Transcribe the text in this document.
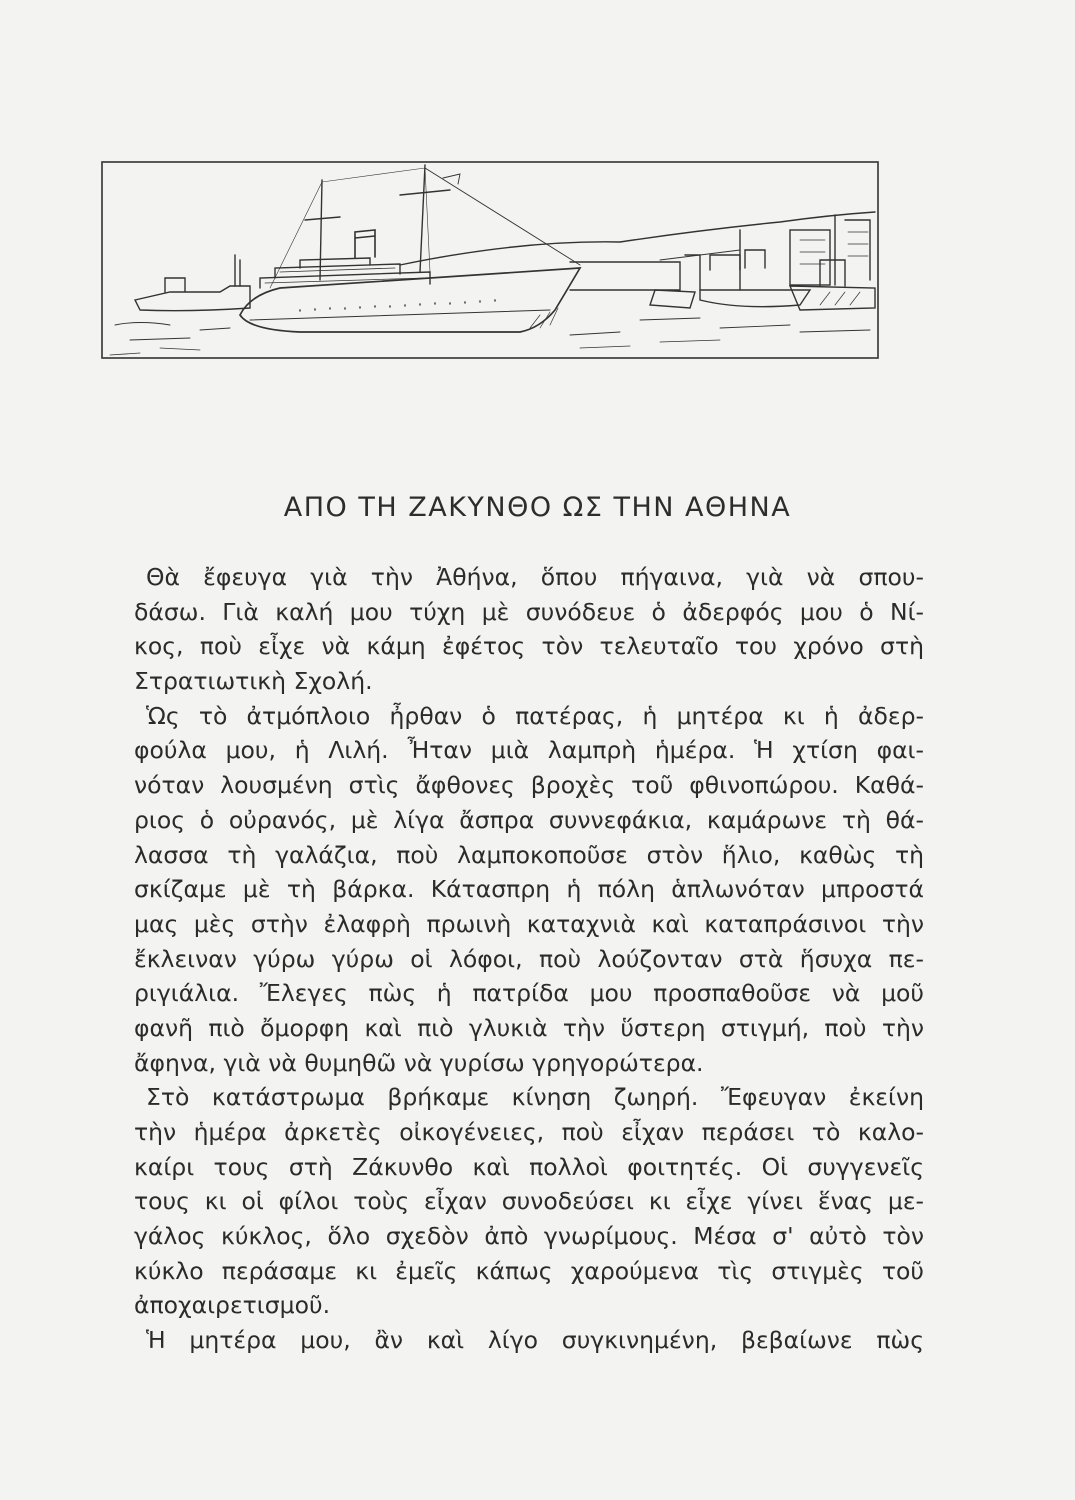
ΑΠΟ ΤΗ ΖΑΚΥΝΘΟ ΩΣ ΤΗΝ ΑΘΗΝΑ
Θὰ ἔφευγα γιὰ τὴν Ἀθήνα, ὅπου πήγαινα, γιὰ νὰ σπου-
δάσω. Γιὰ καλή μου τύχη μὲ συνόδευε ὁ ἀδερφός μου ὁ Νί-
κος, ποὺ εἶχε νὰ κάμη ἐφέτος τὸν τελευταῖο του χρόνο στὴ
Στρατιωτικὴ Σχολή.
Ὡς τὸ ἀτμόπλοιο ἦρθαν ὁ πατέρας, ἡ μητέρα κι ἡ ἀδερ-
φούλα μου, ἡ Λιλή. Ἦταν μιὰ λαμπρὴ ἡμέρα. Ἡ χτίση φαι-
νόταν λουσμένη στὶς ἄφθονες βροχὲς τοῦ φθινοπώρου. Καθά-
ριος ὁ οὐρανός, μὲ λίγα ἄσπρα συννεφάκια, καμάρωνε τὴ θά-
λασσα τὴ γαλάζια, ποὺ λαμποκοποῦσε στὸν ἥλιο, καθὼς τὴ
σκίζαμε μὲ τὴ βάρκα. Κάτασπρη ἡ πόλη ἁπλωνόταν μπροστά
μας μὲς στὴν ἐλαφρὴ πρωινὴ καταχνιὰ καὶ καταπράσινοι τὴν
ἔκλειναν γύρω γύρω οἱ λόφοι, ποὺ λούζονταν στὰ ἥσυχα πε-
ριγιάλια. Ἔλεγες πὼς ἡ πατρίδα μου προσπαθοῦσε νὰ μοῦ
φανῆ πιὸ ὄμορφη καὶ πιὸ γλυκιὰ τὴν ὕστερη στιγμή, ποὺ τὴν
ἄφηνα, γιὰ νὰ θυμηθῶ νὰ γυρίσω γρηγορώτερα.
Στὸ κατάστρωμα βρήκαμε κίνηση ζωηρή. Ἔφευγαν ἐκείνη
τὴν ἡμέρα ἀρκετὲς οἰκογένειες, ποὺ εἶχαν περάσει τὸ καλο-
καίρι τους στὴ Ζάκυνθο καὶ πολλοὶ φοιτητές. Οἱ συγγενεῖς
τους κι οἱ φίλοι τοὺς εἶχαν συνοδεύσει κι εἶχε γίνει ἕνας με-
γάλος κύκλος, ὅλο σχεδὸν ἀπὸ γνωρίμους. Μέσα σ' αὐτὸ τὸν
κύκλο περάσαμε κι ἐμεῖς κάπως χαρούμενα τὶς στιγμὲς τοῦ
ἀποχαιρετισμοῦ.
Ἡ μητέρα μου, ἂν καὶ λίγο συγκινημένη, βεβαίωνε πὼς
